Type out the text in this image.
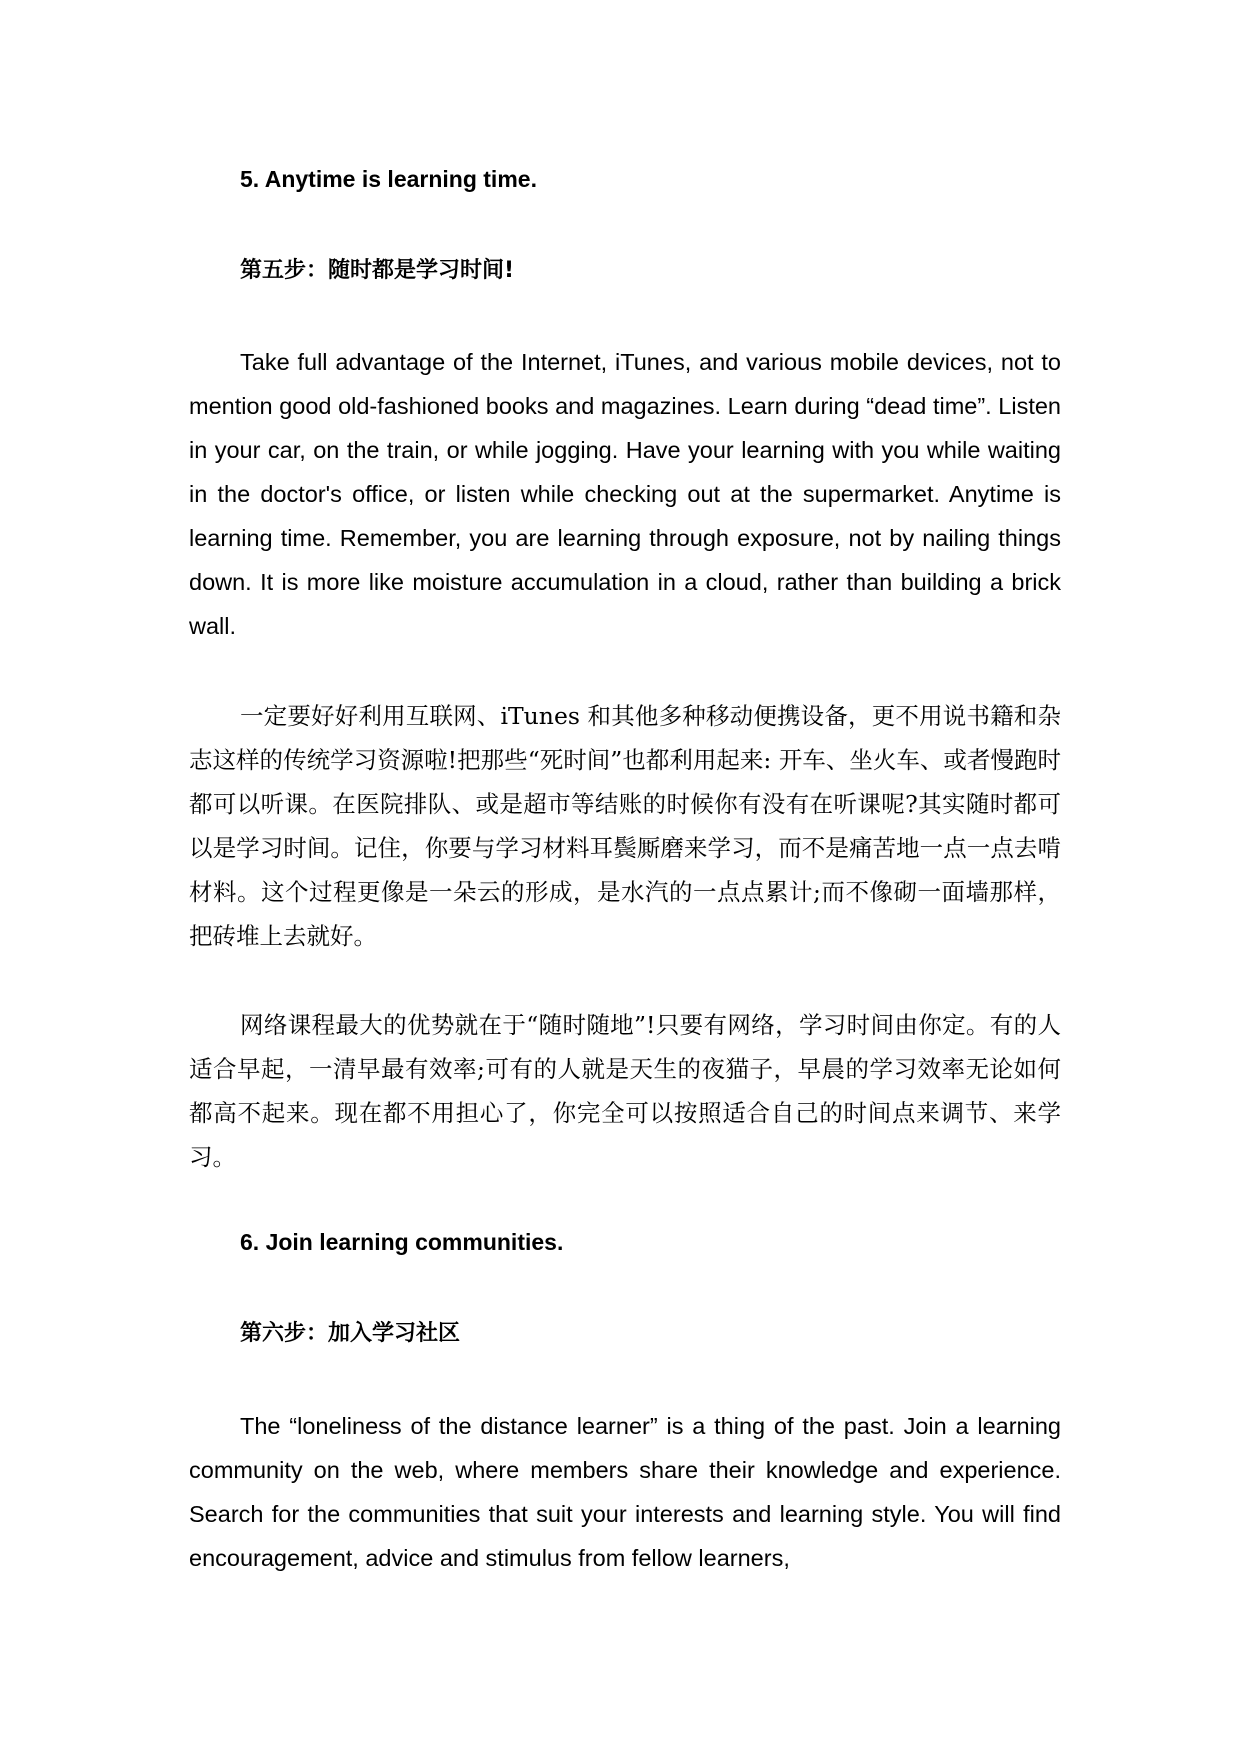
5. Anytime is learning time.
第五步：随时都是学习时间!

Take full advantage of the Internet, iTunes, and various mobile devices, not to mention good old-fashioned books and magazines. Learn during “dead time”. Listen in your car, on the train, or while jogging. Have your learning with you while waiting in the doctor's office, or listen while checking out at the supermarket. Anytime is learning time. Remember, you are learning through exposure, not by nailing things down. It is more like moisture accumulation in a cloud, rather than building a brick wall.

一定要好好利用互联网、iTunes 和其他多种移动便携设备，更不用说书籍和杂志这样的传统学习资源啦!把那些“死时间”也都利用起来: 开车、坐火车、或者慢跑时都可以听课。在医院排队、或是超市等结账的时候你有没有在听课呢?其实随时都可以是学习时间。记住，你要与学习材料耳鬓厮磨来学习，而不是痛苦地一点一点去啃材料。这个过程更像是一朵云的形成，是水汽的一点点累计;而不像砌一面墙那样，把砖堆上去就好。

网络课程最大的优势就在于“随时随地”!只要有网络，学习时间由你定。有的人适合早起，一清早最有效率;可有的人就是天生的夜猫子，早晨的学习效率无论如何都高不起来。现在都不用担心了，你完全可以按照适合自己的时间点来调节、来学习。

6. Join learning communities.
第六步：加入学习社区

The “loneliness of the distance learner” is a thing of the past. Join a learning community on the web, where members share their knowledge and experience. Search for the communities that suit your interests and learning style. You will find encouragement, advice and stimulus from fellow learners,
